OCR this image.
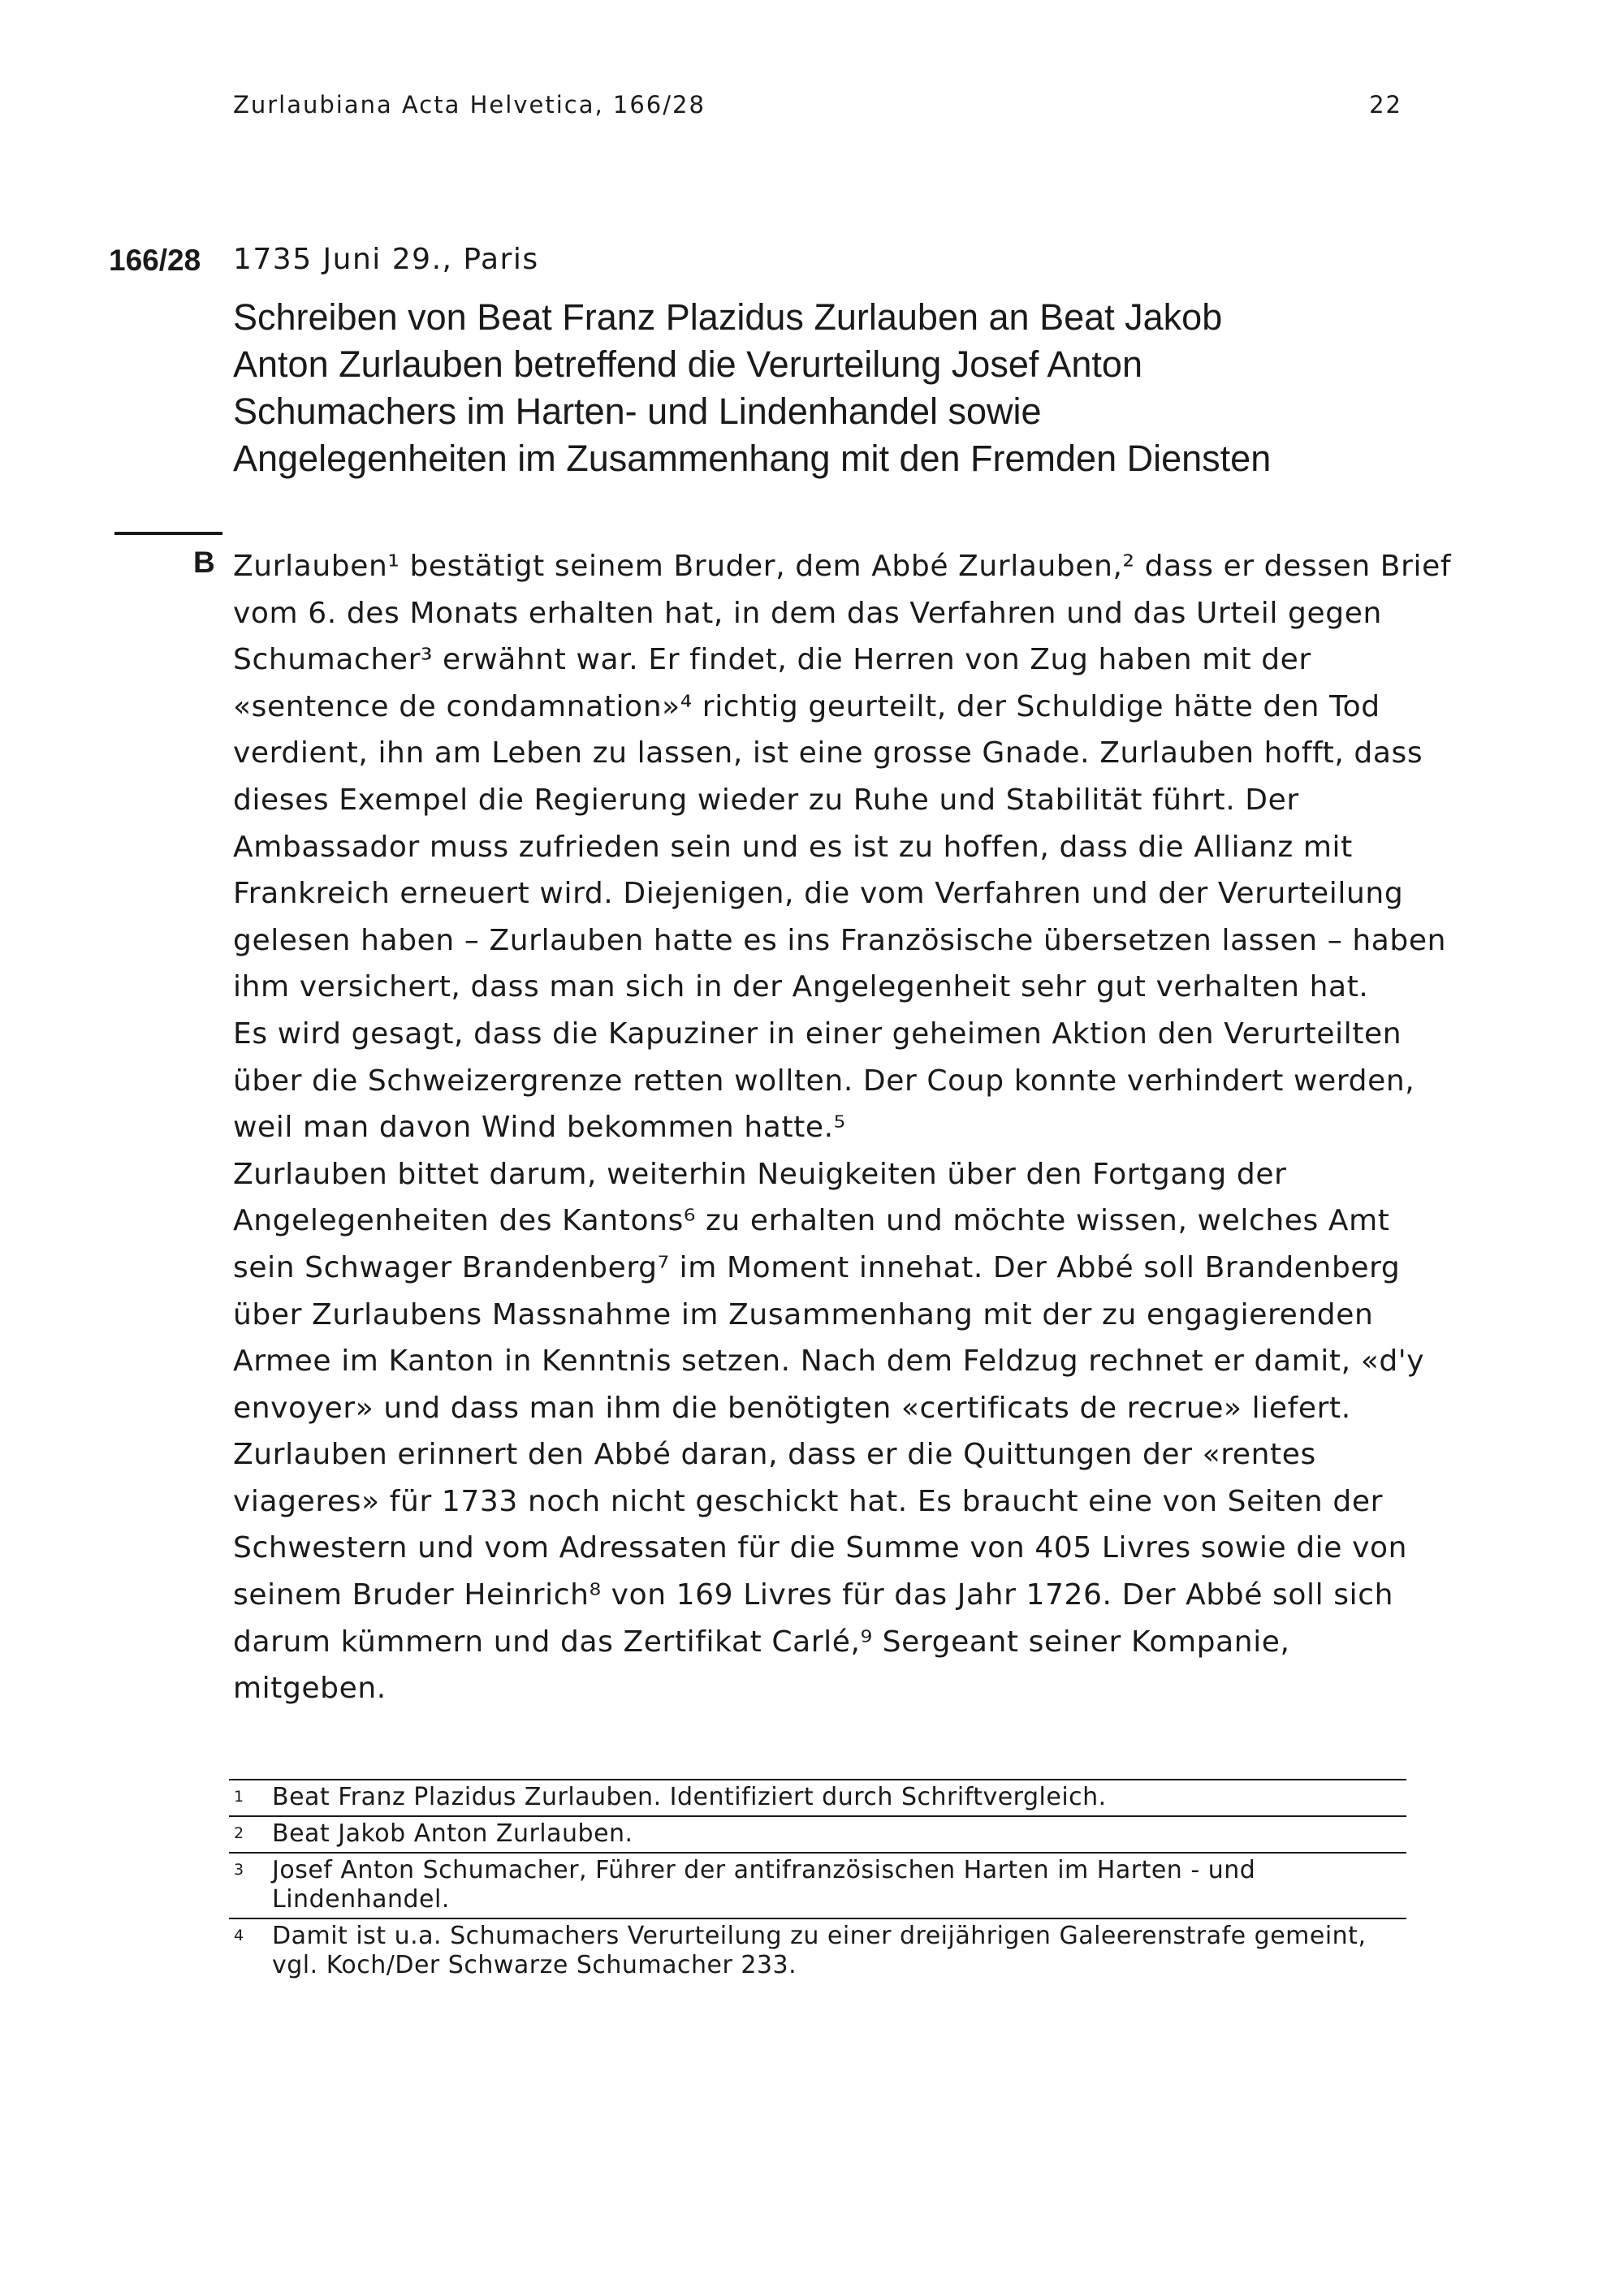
Zurlaubiana Acta Helvetica, 166/28	22
166/28 1735 Juni 29., Paris
Schreiben von Beat Franz Plazidus Zurlauben an Beat Jakob
Anton Zurlauben betreffend die Verurteilung Josef Anton
Schumachers im Harten- und Lindenhandel sowie
Angelegenheiten im Zusammenhang mit den Fremden Diensten
B Zurlauben¹ bestätigt seinem Bruder, dem Abbé Zurlauben,² dass er dessen Brief
vom 6. des Monats erhalten hat, in dem das Verfahren und das Urteil gegen
Schumacher³ erwähnt war. Er findet, die Herren von Zug haben mit der
«sentence de condamnation»⁴ richtig geurteilt, der Schuldige hätte den Tod
verdient, ihn am Leben zu lassen, ist eine grosse Gnade. Zurlauben hofft, dass
dieses Exempel die Regierung wieder zu Ruhe und Stabilität führt. Der
Ambassador muss zufrieden sein und es ist zu hoffen, dass die Allianz mit
Frankreich erneuert wird. Diejenigen, die vom Verfahren und der Verurteilung
gelesen haben – Zurlauben hatte es ins Französische übersetzen lassen – haben
ihm versichert, dass man sich in der Angelegenheit sehr gut verhalten hat.
Es wird gesagt, dass die Kapuziner in einer geheimen Aktion den Verurteilten
über die Schweizergrenze retten wollten. Der Coup konnte verhindert werden,
weil man davon Wind bekommen hatte.⁵
Zurlauben bittet darum, weiterhin Neuigkeiten über den Fortgang der
Angelegenheiten des Kantons⁶ zu erhalten und möchte wissen, welches Amt
sein Schwager Brandenberg⁷ im Moment innehat. Der Abbé soll Brandenberg
über Zurlaubens Massnahme im Zusammenhang mit der zu engagierenden
Armee im Kanton in Kenntnis setzen. Nach dem Feldzug rechnet er damit, «d'y
envoyer» und dass man ihm die benötigten «certificats de recrue» liefert.
Zurlauben erinnert den Abbé daran, dass er die Quittungen der «rentes
viageres» für 1733 noch nicht geschickt hat. Es braucht eine von Seiten der
Schwestern und vom Adressaten für die Summe von 405 Livres sowie die von
seinem Bruder Heinrich⁸ von 169 Livres für das Jahr 1726. Der Abbé soll sich
darum kümmern und das Zertifikat Carlé,⁹ Sergeant seiner Kompanie,
mitgeben.
1 Beat Franz Plazidus Zurlauben. Identifiziert durch Schriftvergleich.
2 Beat Jakob Anton Zurlauben.
3 Josef Anton Schumacher, Führer der antifranzösischen Harten im Harten - und
Lindenhandel.
4 Damit ist u.a. Schumachers Verurteilung zu einer dreijährigen Galeerenstrafe gemeint,
vgl. Koch/Der Schwarze Schumacher 233.
